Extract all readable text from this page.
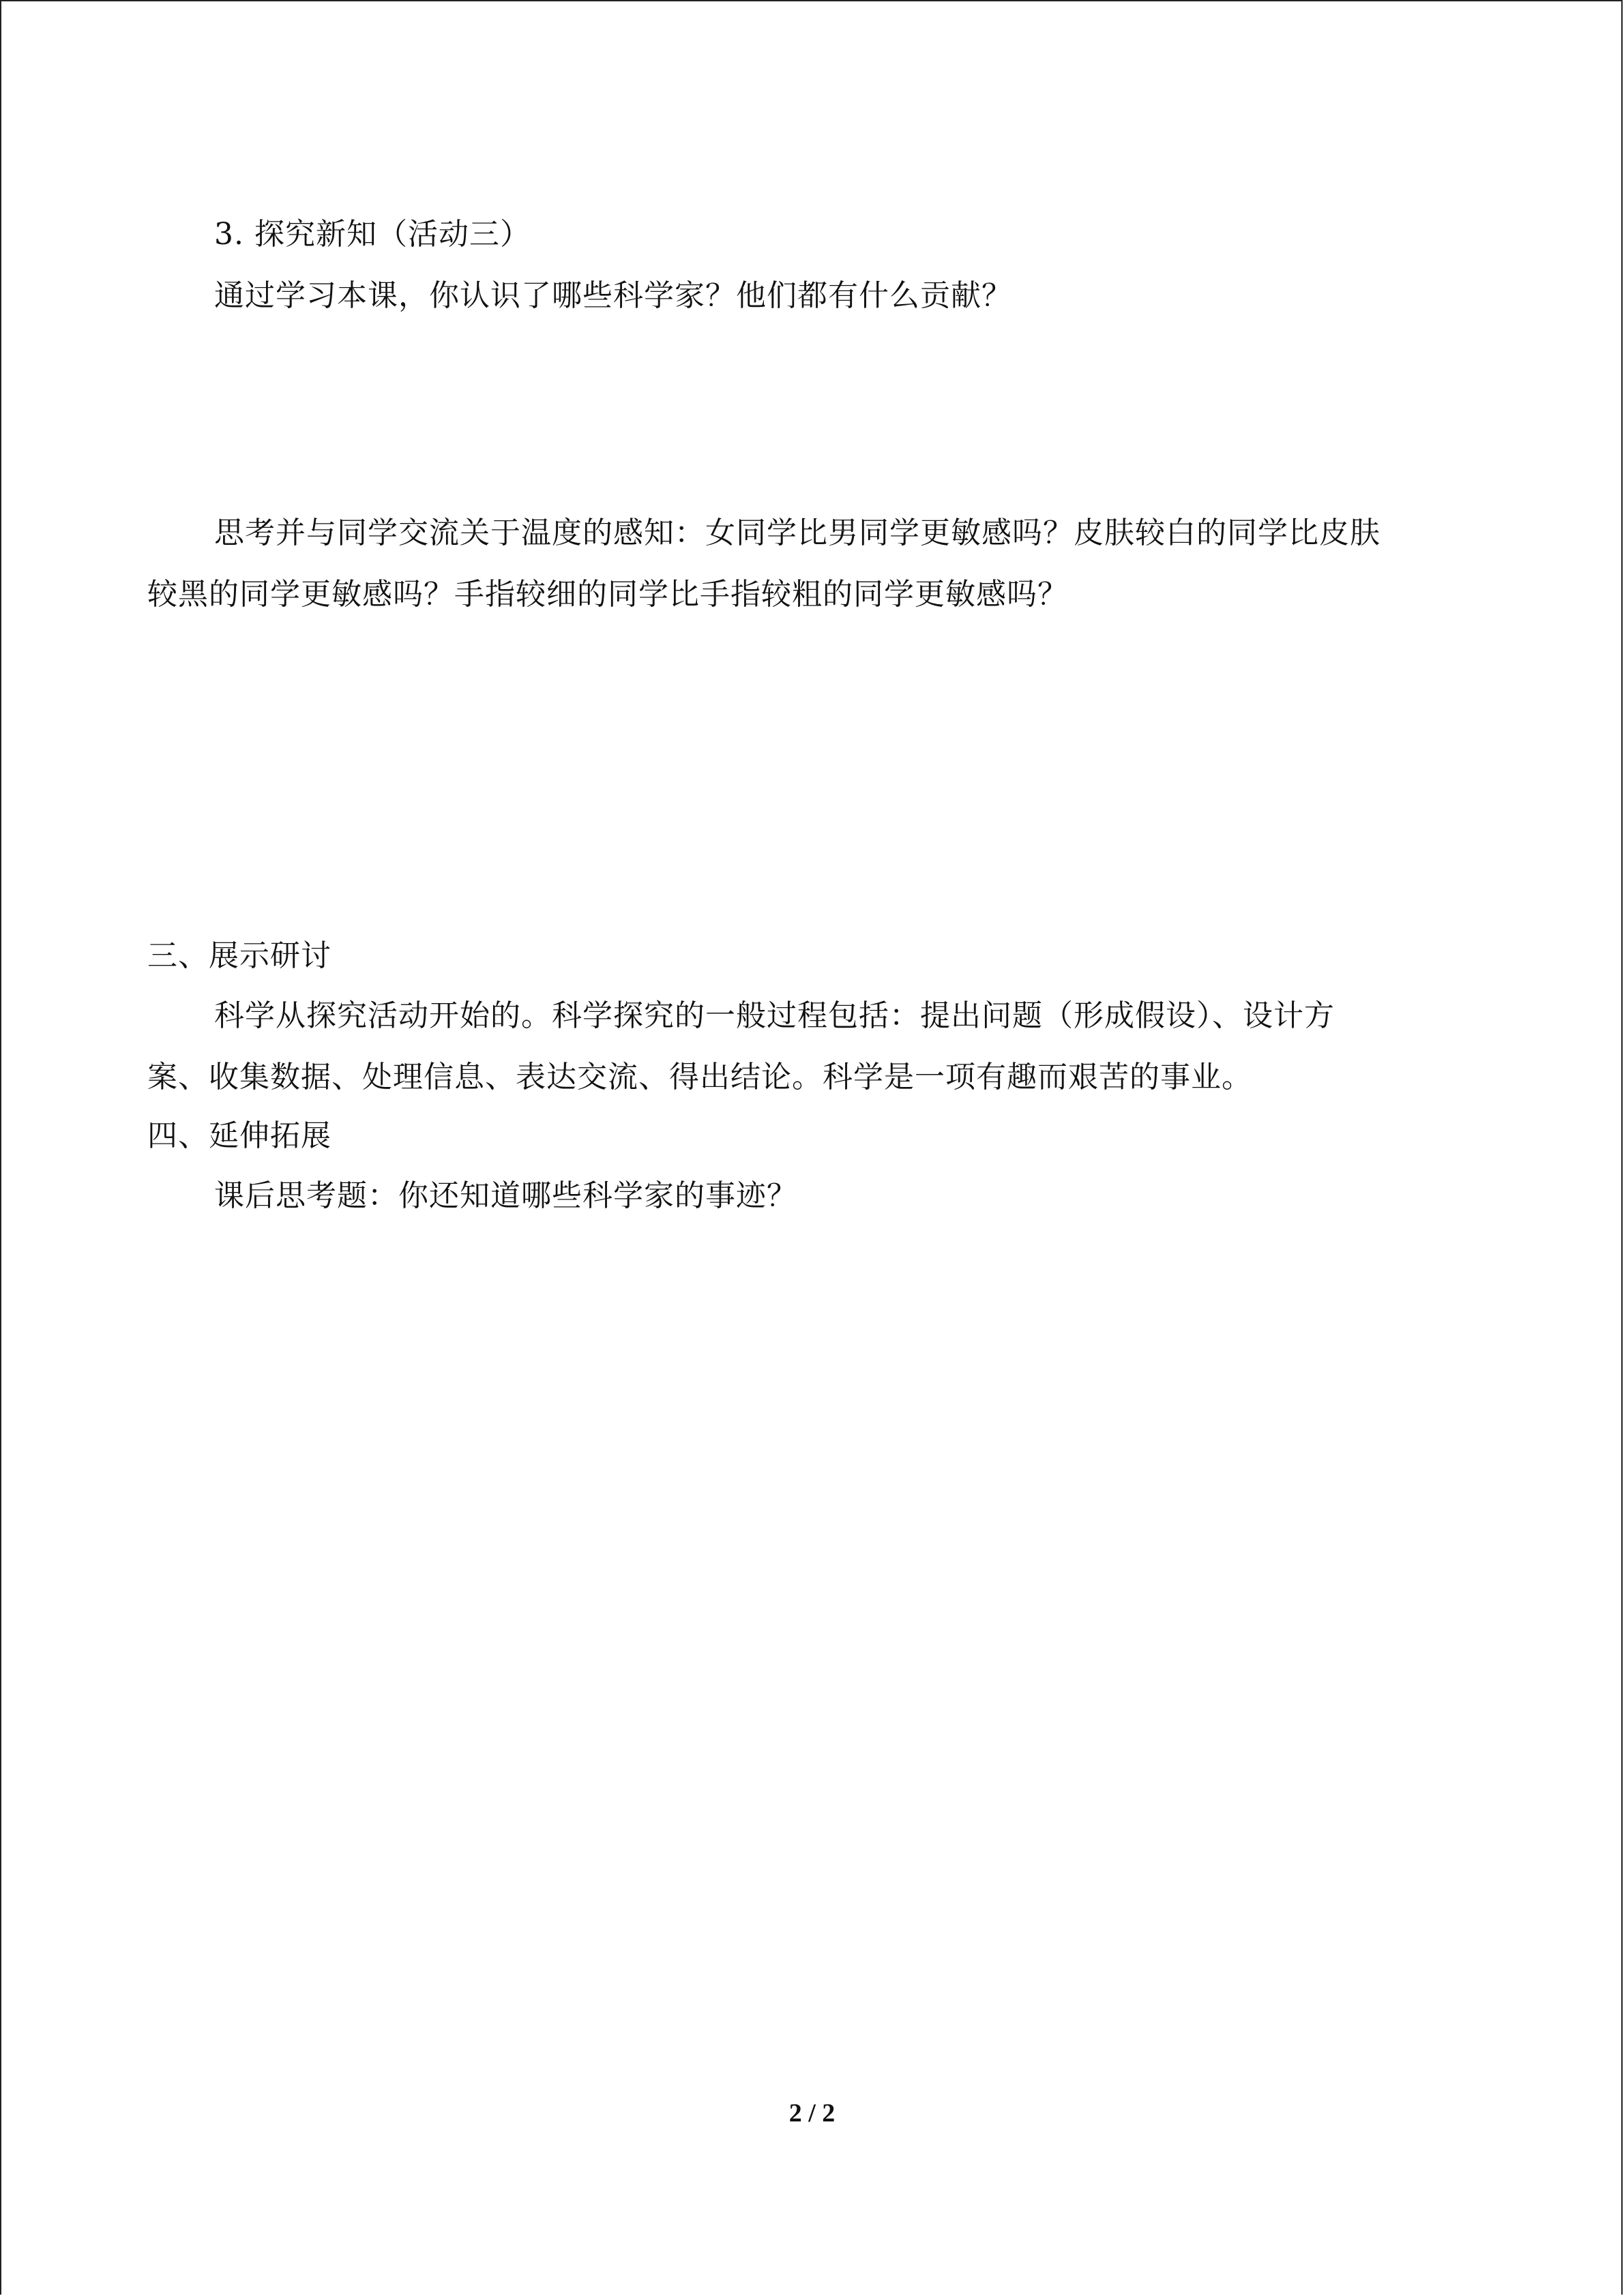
3. 探究新知（活动三）
通过学习本课，你认识了哪些科学家？他们都有什么贡献？
思考并与同学交流关于温度的感知：女同学比男同学更敏感吗？皮肤较白的同学比皮肤
较黑的同学更敏感吗？手指较细的同学比手指较粗的同学更敏感吗？
三、展示研讨
科学从探究活动开始的。科学探究的一般过程包括：提出问题（形成假设）、设计方
案、收集数据、处理信息、表达交流、得出结论。科学是一项有趣而艰苦的事业。
四、延伸拓展
课后思考题：你还知道哪些科学家的事迹？
2 / 2
